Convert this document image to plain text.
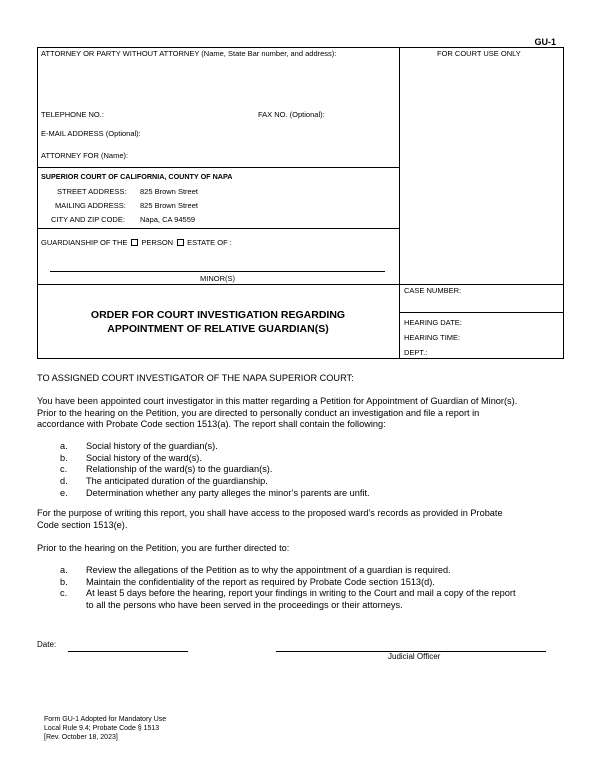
GU-1
ATTORNEY OR PARTY WITHOUT ATTORNEY (Name, State Bar number, and address):	FOR COURT USE ONLY
TELEPHONE NO.:	FAX NO. (Optional):
E-MAIL ADDRESS (Optional):
ATTORNEY FOR (Name):
SUPERIOR COURT OF CALIFORNIA, COUNTY OF NAPA
STREET ADDRESS: 825 Brown Street
MAILING ADDRESS: 825 Brown Street
CITY AND ZIP CODE: Napa, CA 94559
GUARDIANSHIP OF THE PERSON ESTATE OF :
MINOR(S)
ORDER FOR COURT INVESTIGATION REGARDING
APPOINTMENT OF RELATIVE GUARDIAN(S)
CASE NUMBER:
HEARING DATE:
HEARING TIME:
DEPT.:
TO ASSIGNED COURT INVESTIGATOR OF THE NAPA SUPERIOR COURT:
You have been appointed court investigator in this matter regarding a Petition for Appointment of Guardian of Minor(s).
Prior to the hearing on the Petition, you are directed to personally conduct an investigation and file a report in
accordance with Probate Code section 1513(a). The report shall contain the following:
a. Social history of the guardian(s).
b. Social history of the ward(s).
c. Relationship of the ward(s) to the guardian(s).
d. The anticipated duration of the guardianship.
e. Determination whether any party alleges the minor’s parents are unfit.
For the purpose of writing this report, you shall have access to the proposed ward’s records as provided in Probate
Code section 1513(e).
Prior to the hearing on the Petition, you are further directed to:
a. Review the allegations of the Petition as to why the appointment of a guardian is required.
b. Maintain the confidentiality of the report as required by Probate Code section 1513(d).
c. At least 5 days before the hearing, report your findings in writing to the Court and mail a copy of the report
to all the persons who have been served in the proceedings or their attorneys.
Date:
Judicial Officer
Form GU-1 Adopted for Mandatory Use
Local Rule 9.4; Probate Code § 1513
[Rev. October 18, 2023]
